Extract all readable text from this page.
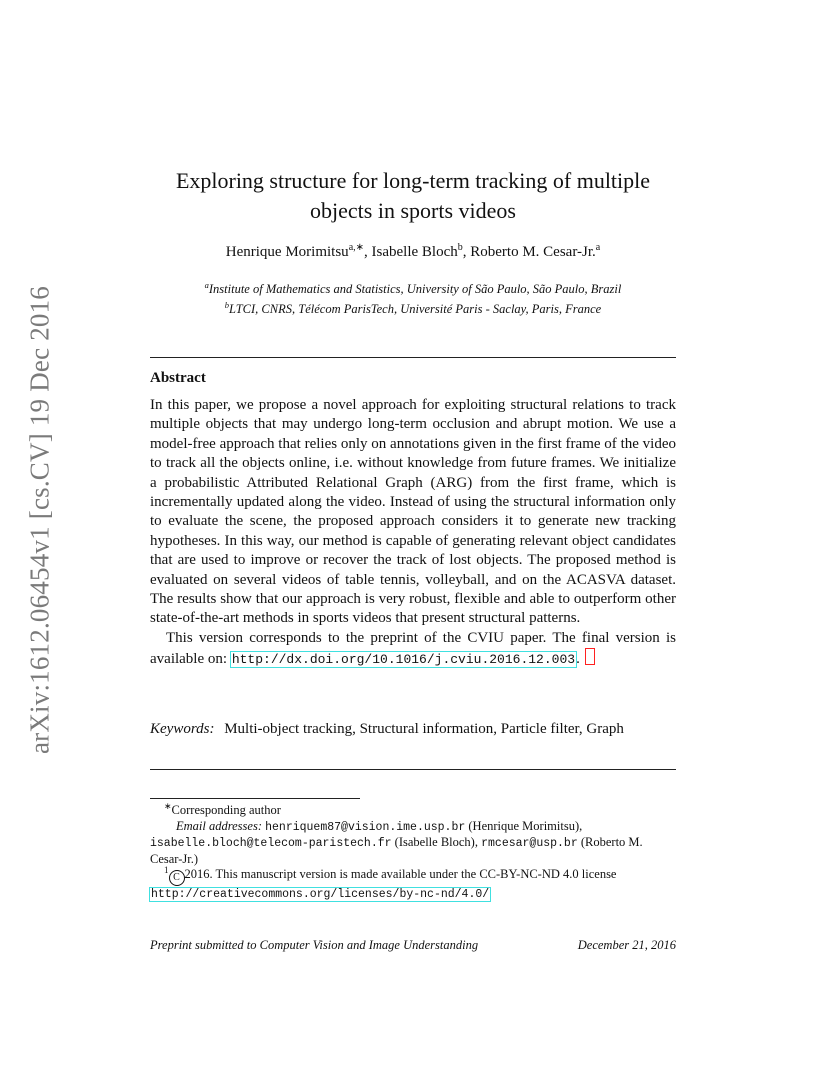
arXiv:1612.06454v1 [cs.CV] 19 Dec 2016
Exploring structure for long-term tracking of multiple
objects in sports videos
Henrique Morimitsu$^{a,∗}$, Isabelle Bloch$^b$, Roberto M. Cesar-Jr.$^a$
$^a$Institute of Mathematics and Statistics, University of São Paulo, São Paulo, Brazil
$^b$LTCI, CNRS, Télécom ParisTech, Université Paris - Saclay, Paris, France
Abstract

In this paper, we propose a novel approach for exploiting structural relations to track multiple objects that may undergo long-term occlusion and abrupt motion. We use a model-free approach that relies only on annotations given in the first frame of the video to track all the objects online, i.e. without knowledge from future frames. We initialize a probabilistic Attributed Relational Graph (ARG) from the first frame, which is incrementally updated along the video. Instead of using the structural information only to evaluate the scene, the proposed approach considers it to generate new tracking hypotheses. In this way, our method is capable of generating relevant object candidates that are used to improve or recover the track of lost objects. The proposed method is evaluated on several videos of table tennis, volleyball, and on the ACASVA dataset. The results show that our approach is very robust, flexible and able to outperform other state-of-the-art methods in sports videos that present structural patterns.

This version corresponds to the preprint of the CVIU paper. The final version is available on: http://dx.doi.org/10.1016/j.cviu.2016.12.003.

Keywords: Multi-object tracking, Structural information, Particle filter, Graph

∗Corresponding author

Email addresses: henriquem87@vision.ime.usp.br (Henrique Morimitsu), isabelle.bloch@telecom-paristech.fr (Isabelle Bloch), rmcesar@usp.br (Roberto M. Cesar-Jr.)

$^1$C 2016. This manuscript version is made available under the CC-BY-NC-ND 4.0 license http://creativecommons.org/licenses/by-nc-nd/4.0/

Preprint submitted to Computer Vision and Image Understanding	December 21, 2016
